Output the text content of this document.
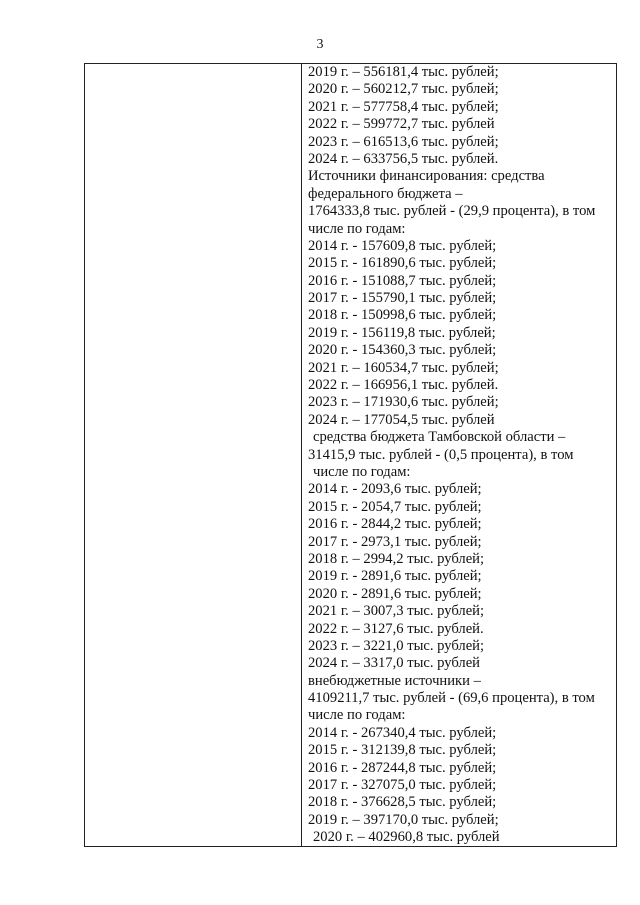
3
2019 г. – 556181,4 тыс. рублей;
2020 г. – 560212,7 тыс. рублей;
2021 г. – 577758,4 тыс. рублей;
2022 г. – 599772,7 тыс. рублей
2023 г. – 616513,6 тыс. рублей;
2024 г. – 633756,5 тыс. рублей.
Источники финансирования: средства
федерального бюджета –
1764333,8 тыс. рублей - (29,9 процента), в том
числе по годам:
2014 г. - 157609,8 тыс. рублей;
2015 г. - 161890,6 тыс. рублей;
2016 г. - 151088,7 тыс. рублей;
2017 г. - 155790,1 тыс. рублей;
2018 г. - 150998,6 тыс. рублей;
2019 г. - 156119,8 тыс. рублей;
2020 г. - 154360,3 тыс. рублей;
2021 г. – 160534,7 тыс. рублей;
2022 г. – 166956,1 тыс. рублей.
2023 г. – 171930,6 тыс. рублей;
2024 г. – 177054,5 тыс. рублей
средства бюджета Тамбовской области –
31415,9 тыс. рублей - (0,5 процента), в том
числе по годам:
2014 г. - 2093,6 тыс. рублей;
2015 г. - 2054,7 тыс. рублей;
2016 г. - 2844,2 тыс. рублей;
2017 г. - 2973,1 тыс. рублей;
2018 г. – 2994,2 тыс. рублей;
2019 г. - 2891,6 тыс. рублей;
2020 г. - 2891,6 тыс. рублей;
2021 г. – 3007,3 тыс. рублей;
2022 г. – 3127,6 тыс. рублей.
2023 г. – 3221,0 тыс. рублей;
2024 г. – 3317,0 тыс. рублей
внебюджетные источники –
4109211,7 тыс. рублей - (69,6 процента), в том
числе по годам:
2014 г. - 267340,4 тыс. рублей;
2015 г. - 312139,8 тыс. рублей;
2016 г. - 287244,8 тыс. рублей;
2017 г. - 327075,0 тыс. рублей;
2018 г. - 376628,5 тыс. рублей;
2019 г. – 397170,0 тыс. рублей;
2020 г. – 402960,8 тыс. рублей
